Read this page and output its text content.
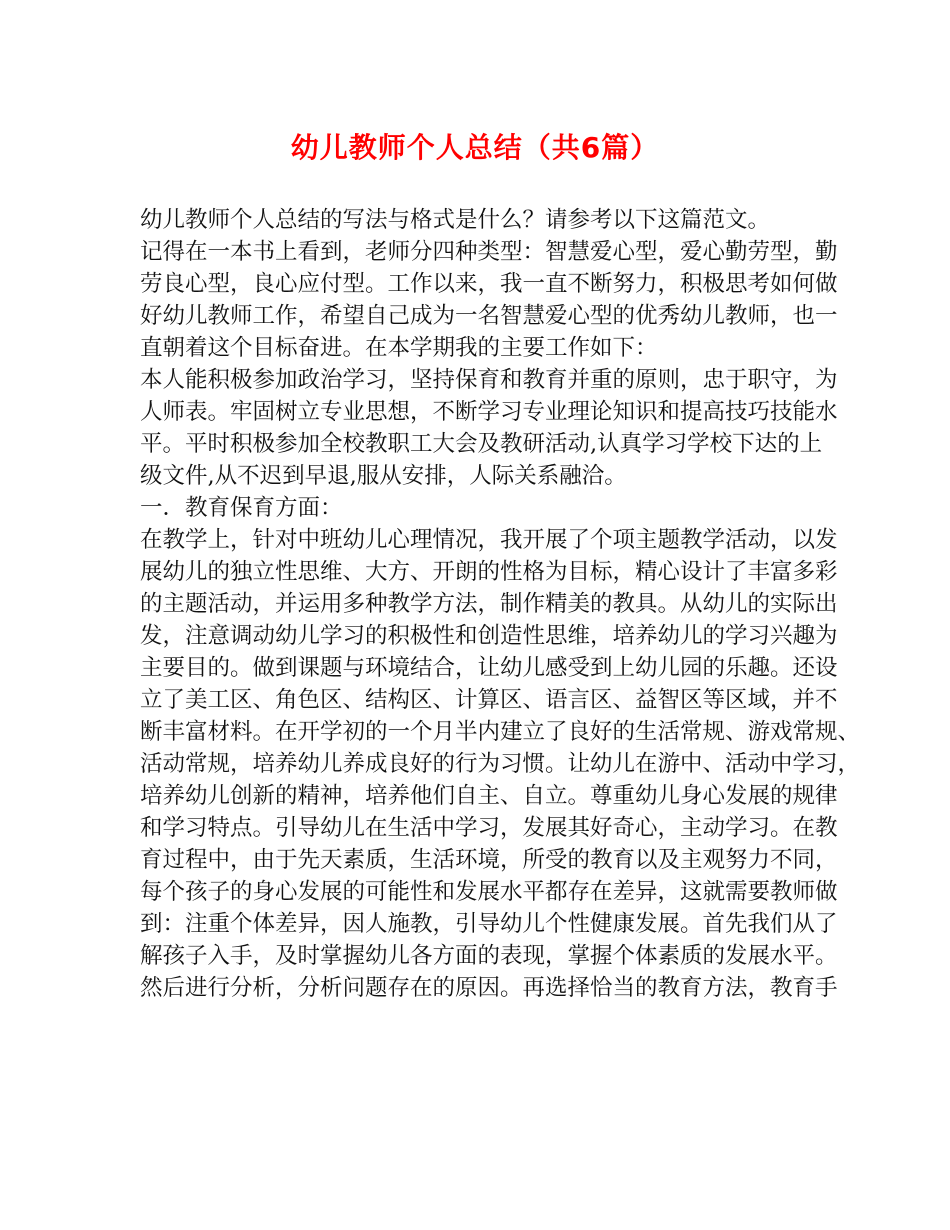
幼儿教师个人总结（共6篇）
幼儿教师个人总结的写法与格式是什么？请参考以下这篇范文。
记得在一本书上看到，老师分四种类型：智慧爱心型，爱心勤劳型，勤
劳良心型，良心应付型。工作以来，我一直不断努力，积极思考如何做
好幼儿教师工作，希望自己成为一名智慧爱心型的优秀幼儿教师，也一
直朝着这个目标奋进。在本学期我的主要工作如下：
本人能积极参加政治学习，坚持保育和教育并重的原则，忠于职守，为
人师表。牢固树立专业思想，不断学习专业理论知识和提高技巧技能水
平。平时积极参加全校教职工大会及教研活动,认真学习学校下达的上
级文件,从不迟到早退,服从安排，人际关系融洽。
一．教育保育方面：
在教学上，针对中班幼儿心理情况，我开展了个项主题教学活动，以发
展幼儿的独立性思维、大方、开朗的性格为目标，精心设计了丰富多彩
的主题活动，并运用多种教学方法，制作精美的教具。从幼儿的实际出
发，注意调动幼儿学习的积极性和创造性思维，培养幼儿的学习兴趣为
主要目的。做到课题与环境结合，让幼儿感受到上幼儿园的乐趣。还设
立了美工区、角色区、结构区、计算区、语言区、益智区等区域，并不
断丰富材料。在开学初的一个月半内建立了良好的生活常规、游戏常规、
活动常规，培养幼儿养成良好的行为习惯。让幼儿在游中、活动中学习，
培养幼儿创新的精神，培养他们自主、自立。尊重幼儿身心发展的规律
和学习特点。引导幼儿在生活中学习，发展其好奇心，主动学习。在教
育过程中，由于先天素质，生活环境，所受的教育以及主观努力不同，
每个孩子的身心发展的可能性和发展水平都存在差异，这就需要教师做
到：注重个体差异，因人施教，引导幼儿个性健康发展。首先我们从了
解孩子入手，及时掌握幼儿各方面的表现，掌握个体素质的发展水平。
然后进行分析，分析问题存在的原因。再选择恰当的教育方法，教育手
